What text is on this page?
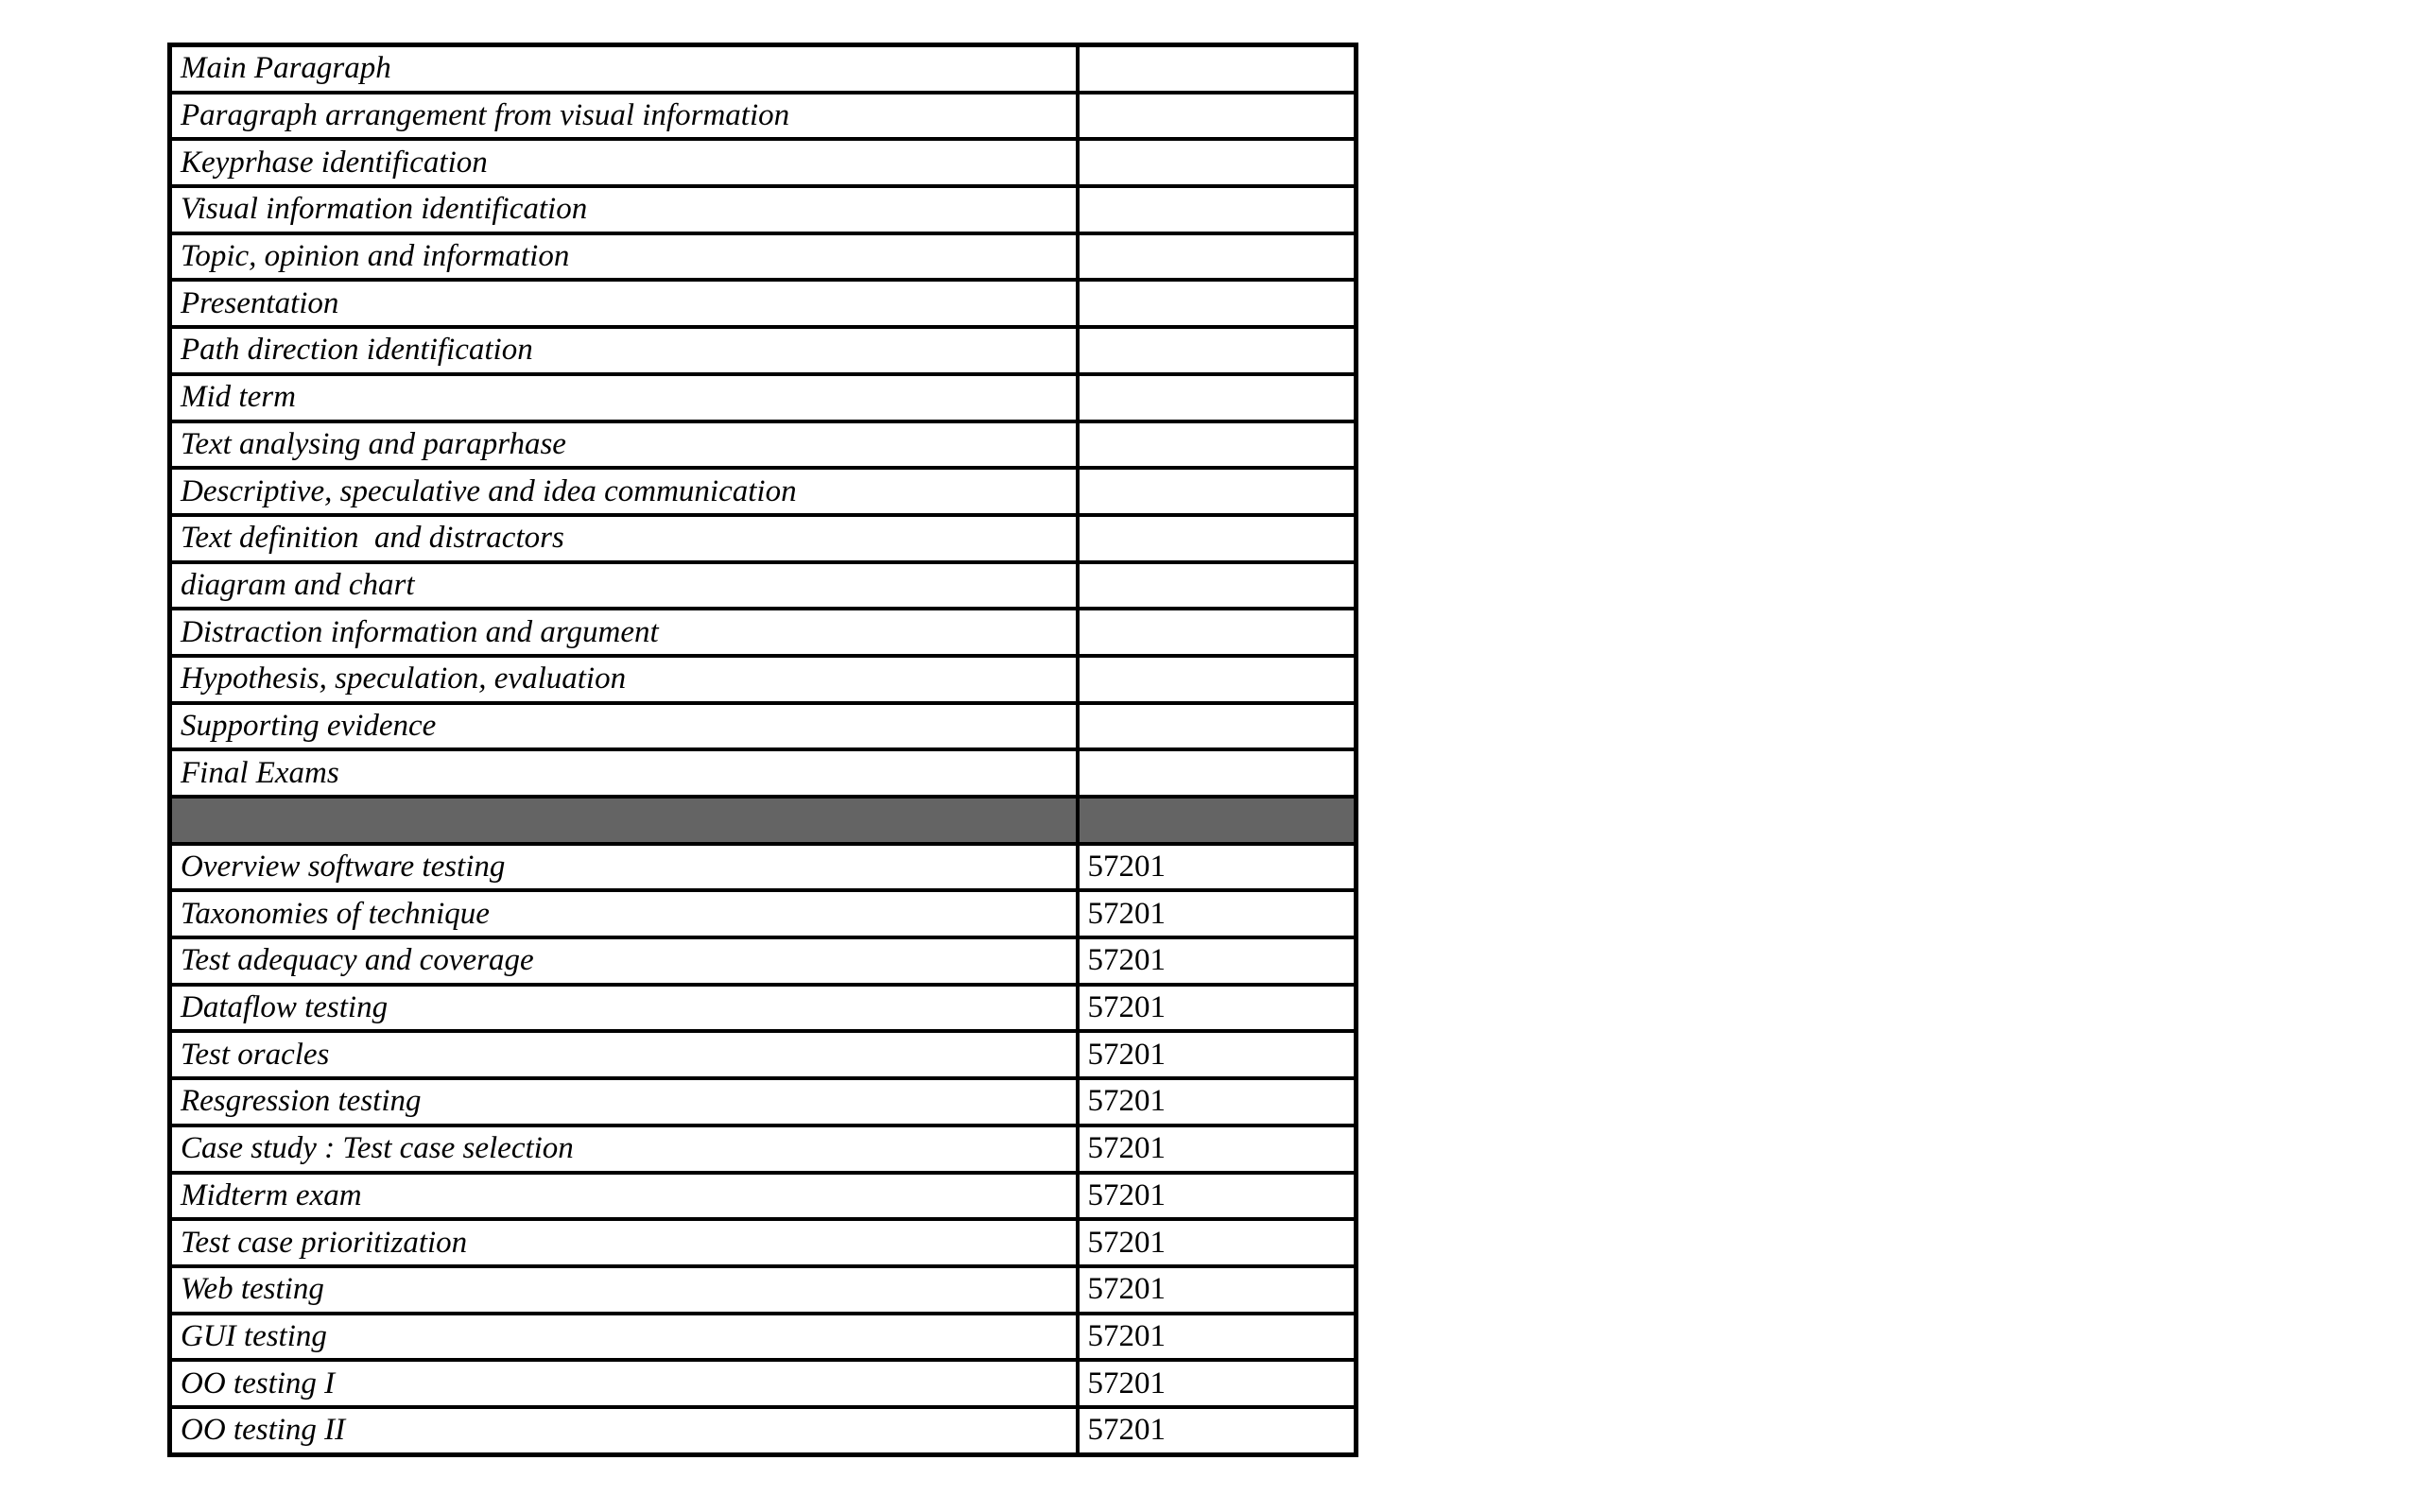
Main Paragraph	
Paragraph arrangement from visual information	
Keyprhase identification	
Visual information identification	
Topic, opinion and information	
Presentation	
Path direction identification	
Mid term	
Text analysing and paraprhase	
Descriptive, speculative and idea communication	
Text definition  and distractors	
diagram and chart	
Distraction information and argument	
Hypothesis, speculation, evaluation	
Supporting evidence	
Final Exams	

Overview software testing	57201
Taxonomies of technique	57201
Test adequacy and coverage	57201
Dataflow testing	57201
Test oracles	57201
Resgression testing	57201
Case study : Test case selection	57201
Midterm exam	57201
Test case prioritization	57201
Web testing	57201
GUI testing	57201
OO testing I	57201
OO testing II	57201
